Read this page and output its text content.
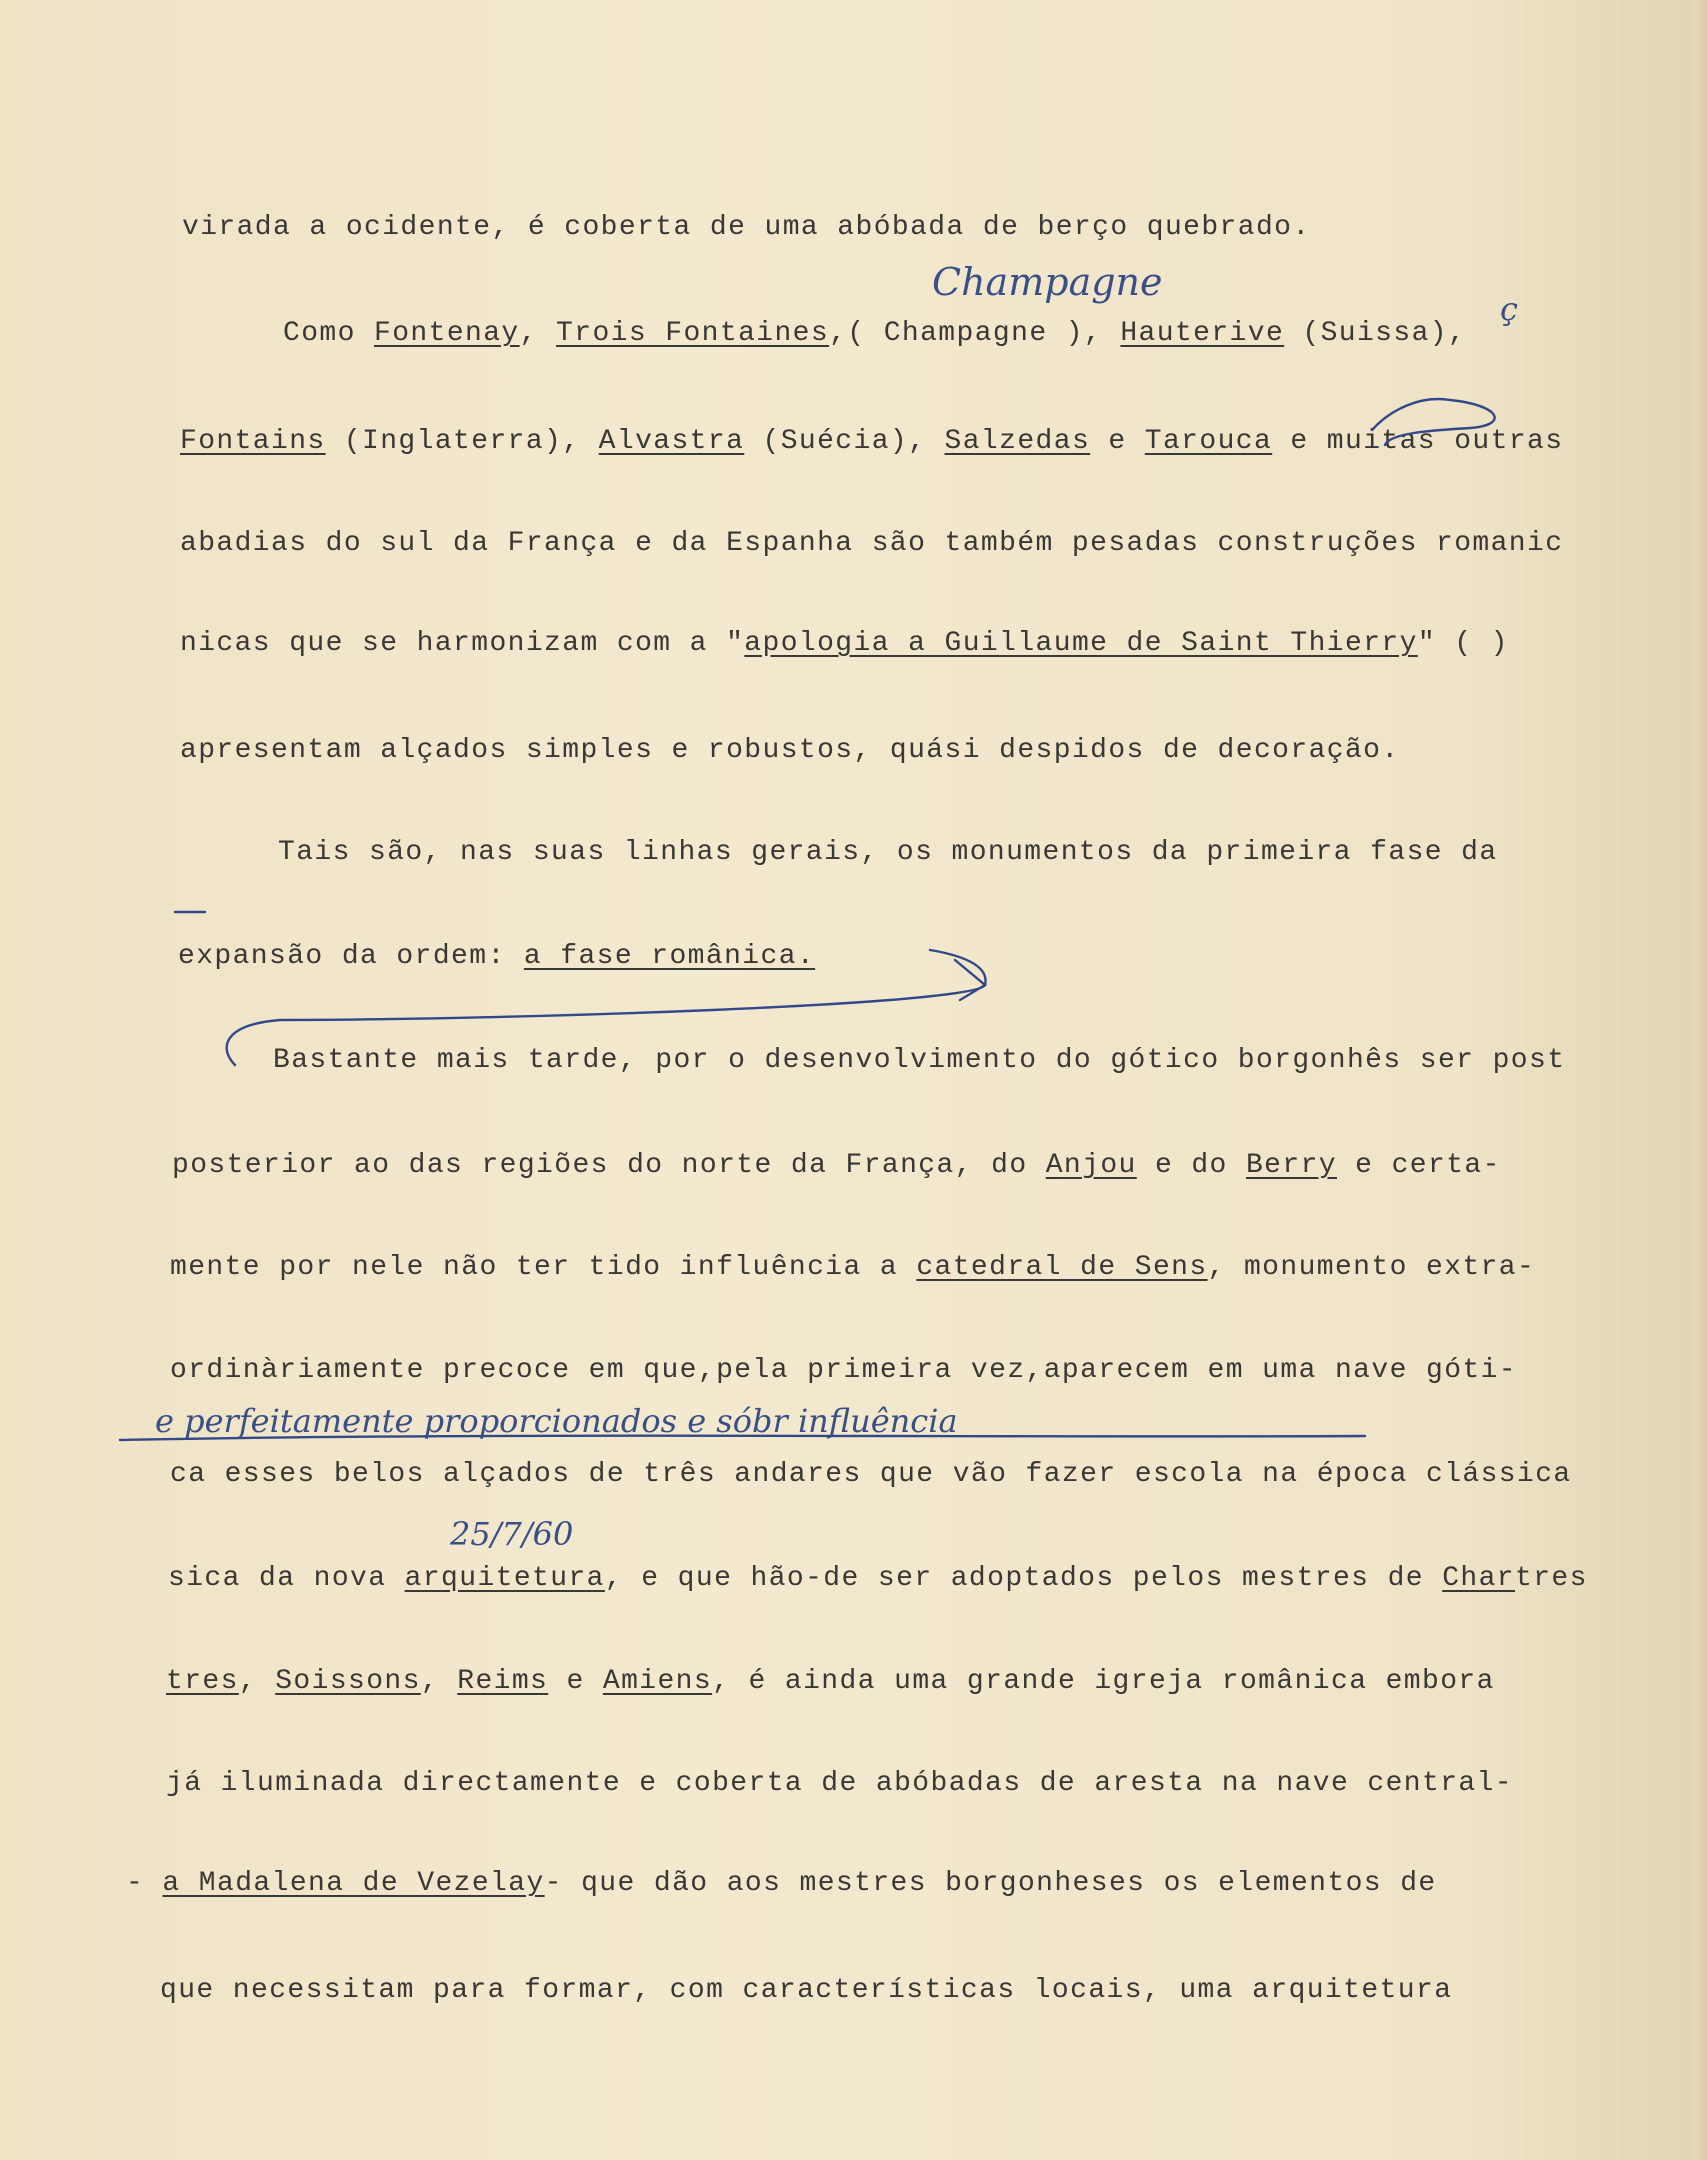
virada a ocidente, é coberta de uma abóbada de berço quebrado.
Como Fontenay, Trois Fontaines,( Champagne ), Hauterive (Suissa),
Fontains (Inglaterra), Alvastra (Suécia), Salzedas e Tarouca e muitas outras
abadias do sul da França e da Espanha são também pesadas construções romanic
nicas que se harmonizam com a "apologia a Guillaume de Saint Thierry" ( )
apresentam alçados simples e robustos, quási despidos de decoração.
Tais são, nas suas linhas gerais, os monumentos da primeira fase da
expansão da ordem: a fase românica.
Bastante mais tarde, por o desenvolvimento do gótico borgonhês ser post
posterior ao das regiões do norte da França, do Anjou e do Berry e certa-
mente por nele não ter tido influência a catedral de Sens, monumento extra-
ordinàriamente precoce em que,pela primeira vez,aparecem em uma nave góti-
ca esses belos alçados de três andares que vão fazer escola na época clássica
sica da nova arquitetura, e que hão-de ser adoptados pelos mestres de Chartres
tres, Soissons, Reims e Amiens, é ainda uma grande igreja românica embora
já iluminada directamente e coberta de abóbadas de aresta na nave central-
- a Madalena de Vezelay- que dão aos mestres borgonheses os elementos de
que necessitam para formar, com características locais, uma arquitetura
Champagne
ç
e perfeitamente proporcionados e sóbr influência
25/7/60
